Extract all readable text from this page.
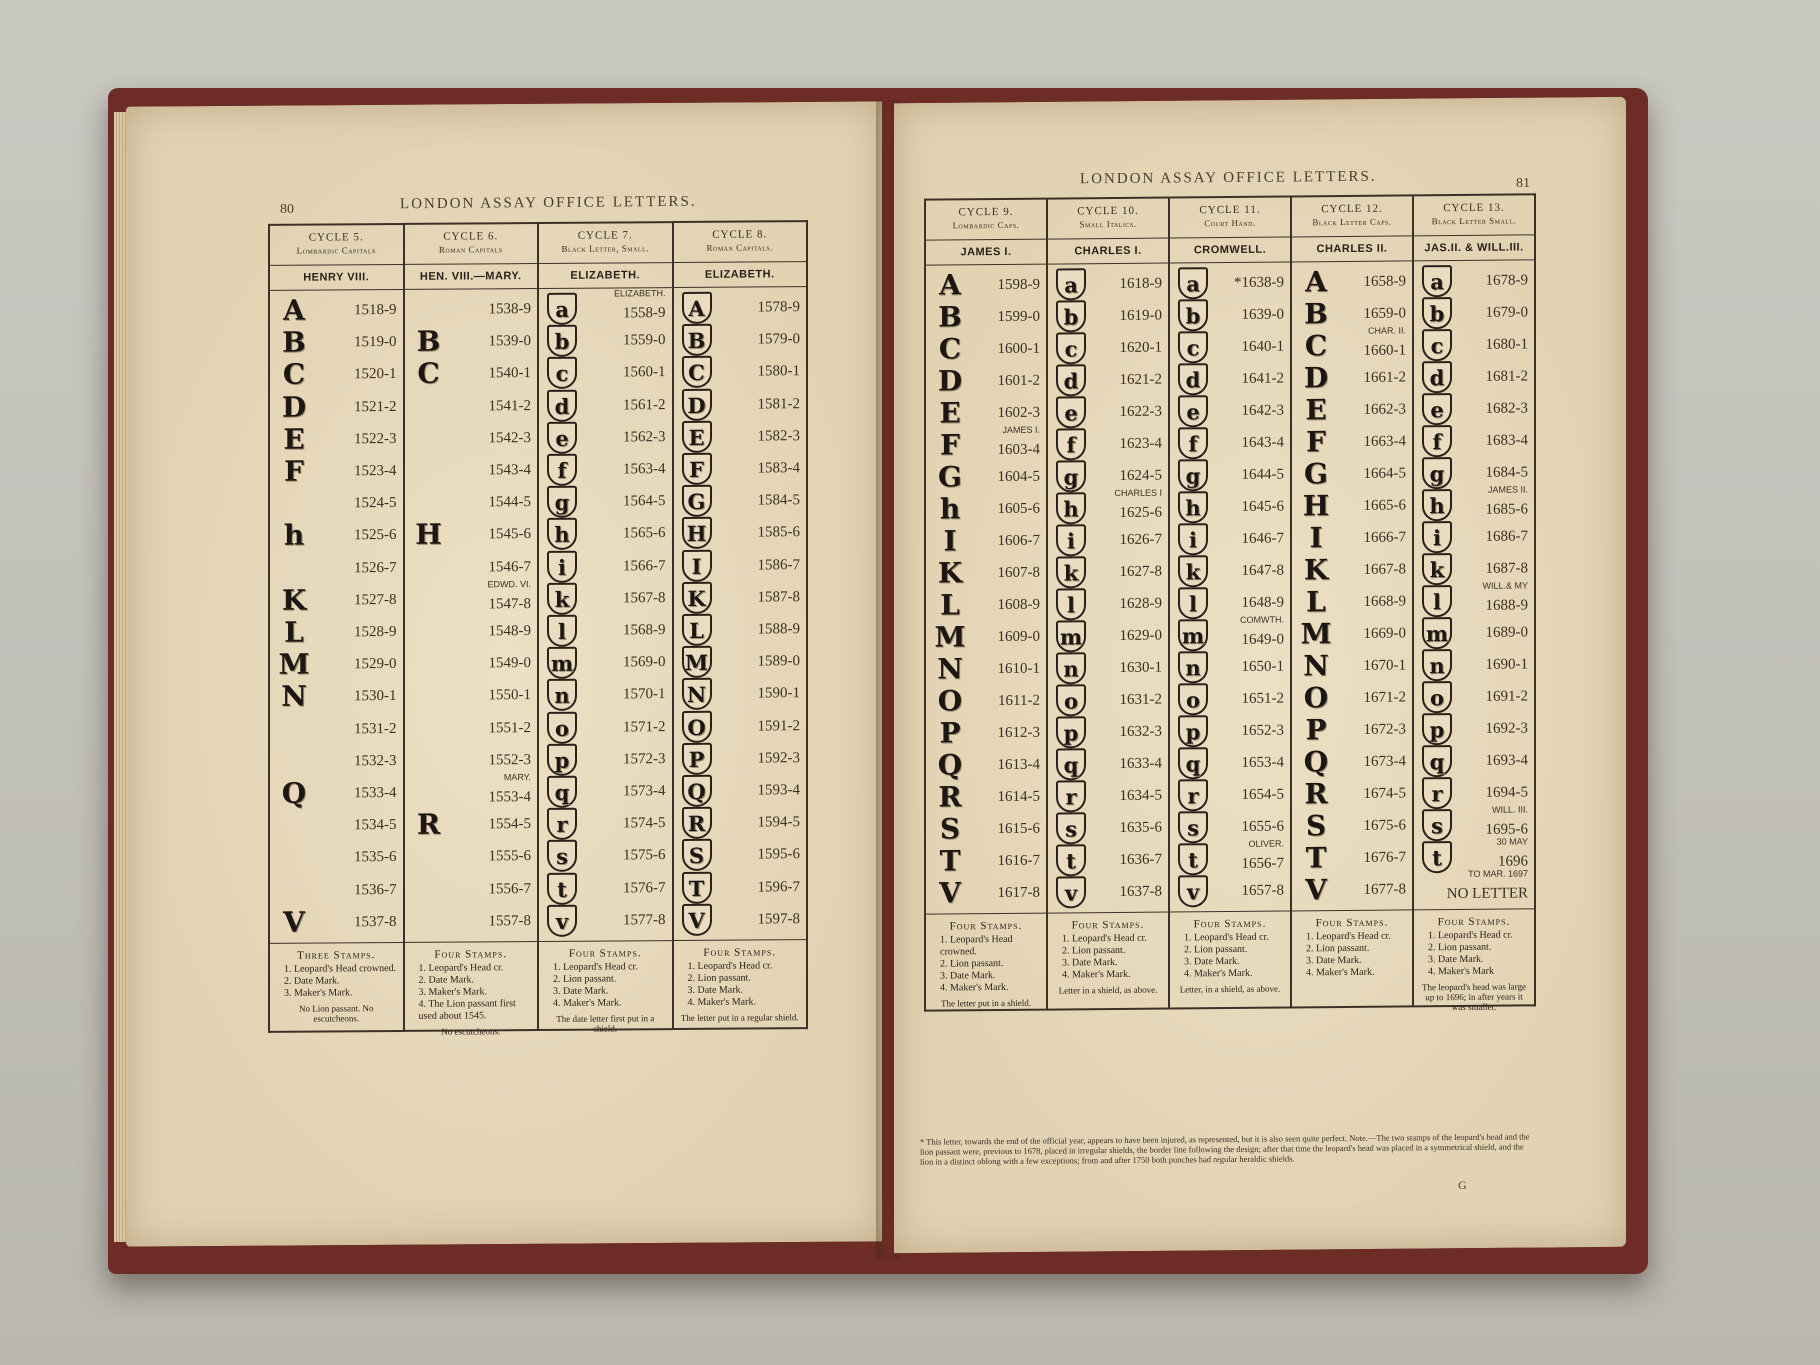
80	LONDON ASSAY OFFICE LETTERS.
CYCLE 5.
Lombardic Capitals
HENRY VIII.
A	1518-9
B	1519-0
C	1520-1
D	1521-2
E	1522-3
F	1523-4
1524-5
h	1525-6
1526-7
K	1527-8
L	1528-9
M	1529-0
N	1530-1
1531-2
1532-3
Q	1533-4
1534-5
1535-6
1536-7
V	1537-8
Three Stamps.
1. Leopard's Head crowned.
2. Date Mark.
3. Maker's Mark.
No Lion passant. No escutcheons.

CYCLE 6.
Roman Capitals
HEN. VIII.—MARY.
1538-9
B	1539-0
C	1540-1
1541-2
1542-3
1543-4
1544-5
H	1545-6
1546-7
1547-8
EDWD. VI.
1548-9
1549-0
1550-1
1551-2
1552-3
1553-4
MARY.
R	1554-5
1555-6
1556-7
1557-8
Four Stamps.
1. Leopard's Head cr.
2. Date Mark.
3. Maker's Mark.
4. The Lion passant first used about 1545.
No escutcheons.

CYCLE 7.
Black Letter, Small.
ELIZABETH.
a	1558-9
ELIZABETH.
b	1559-0
c	1560-1
d	1561-2
e	1562-3
f	1563-4
g	1564-5
h	1565-6
i	1566-7
k	1567-8
l	1568-9
m	1569-0
n	1570-1
o	1571-2
p	1572-3
q	1573-4
r	1574-5
s	1575-6
t	1576-7
v	1577-8
Four Stamps.
1. Leopard's Head cr.
2. Lion passant.
3. Date Mark.
4. Maker's Mark.
The date letter first put in a shield.

CYCLE 8.
Roman Capitals.
ELIZABETH.
A	1578-9
B	1579-0
C	1580-1
D	1581-2
E	1582-3
F	1583-4
G	1584-5
H	1585-6
I	1586-7
K	1587-8
L	1588-9
M	1589-0
N	1590-1
O	1591-2
P	1592-3
Q	1593-4
R	1594-5
S	1595-6
T	1596-7
V	1597-8
Four Stamps.
1. Leopard's Head cr.
2. Lion passant.
3. Date Mark.
4. Maker's Mark.
The letter put in a regular shield.
LONDON ASSAY OFFICE LETTERS.	81
CYCLE 9.
Lombardic Caps.
JAMES I.
A	1598-9
B	1599-0
C	1600-1
D	1601-2
E	1602-3
F	1603-4
JAMES I.
G	1604-5
h	1605-6
I	1606-7
K	1607-8
L	1608-9
M	1609-0
N	1610-1
O	1611-2
P	1612-3
Q	1613-4
R	1614-5
S	1615-6
T	1616-7
V	1617-8
Four Stamps.
1. Leopard's Head crowned.
2. Lion passant.
3. Date Mark.
4. Maker's Mark.
The letter put in a shield.

CYCLE 10.
Small Italics.
CHARLES I.
a	1618-9
b	1619-0
c	1620-1
d	1621-2
e	1622-3
f	1623-4
g	1624-5
h	1625-6
CHARLES I
i	1626-7
k	1627-8
l	1628-9
m 1629-0
n	1630-1
o	1631-2
p	1632-3
q	1633-4
r	1634-5
s	1635-6
t	1636-7
v	1637-8
Four Stamps.
1. Leopard's Head cr.
2. Lion passant.
3. Date Mark.
4. Maker's Mark.
Letter in a shield, as above.

CYCLE 11.
Court Hand.
CROMWELL.
a	*1638-9
b	1639-0
c	1640-1
d	1641-2
e	1642-3
f	1643-4
g	1644-5
h	1645-6
i	1646-7
k	1647-8
l	1648-9
m 1649-0
COMWTH.
n	1650-1
o	1651-2
p	1652-3
q	1653-4
r	1654-5
s	1655-6
t	1656-7
OLIVER.
v	1657-8
Four Stamps.
1. Leopard's Head cr.
2. Lion passant.
3. Date Mark.
4. Maker's Mark.
Letter, in a shield, as above.

CYCLE 12.
Black Letter Caps.
CHARLES II.
A	1658-9
B	1659-0
C	1660-1
CHAR. II.
D	1661-2
E	1662-3
F	1663-4
G	1664-5
H	1665-6
I	1666-7
K	1667-8
L	1668-9
M	1669-0
N	1670-1
O	1671-2
P	1672-3
Q	1673-4
R	1674-5
S	1675-6
T	1676-7
V	1677-8
Four Stamps.
1. Leopard's Head cr.
2. Lion passant.
3. Date Mark.
4. Maker's Mark.

CYCLE 13.
Black Letter Small.
JAS.II. & WILL.III.
a	1678-9
b	1679-0
c	1680-1
d	1681-2
e	1682-3
f	1683-4
g	1684-5
h	1685-6
JAMES II.
i	1686-7
k	1687-8
l	1688-9
WILL.& MY
m 1689-0
n	1690-1
o	1691-2
p	1692-3
q	1693-4
r	1694-5
s	1695-6
WILL. III.
t	1696
30 MAY
NO LETTER
TO MAR. 1697
Four Stamps.
1. Leopard's Head cr.
2. Lion passant.
3. Date Mark.
4. Maker's Mark
The leopard's head was large up to 1696; in after years it was smaller.
* This letter, towards the end of the official year, appears to have been injured, as represented, but it is also seen quite perfect. Note.—The two stamps of the leopard's head and the lion passant were, previous to 1678, placed in irregular shields, the border line following the design; after that time the leopard's head was placed in a symmetrical shield, and the lion in a distinct oblong with a few exceptions; from and after 1750 both punches had regular heraldic shields.
G
